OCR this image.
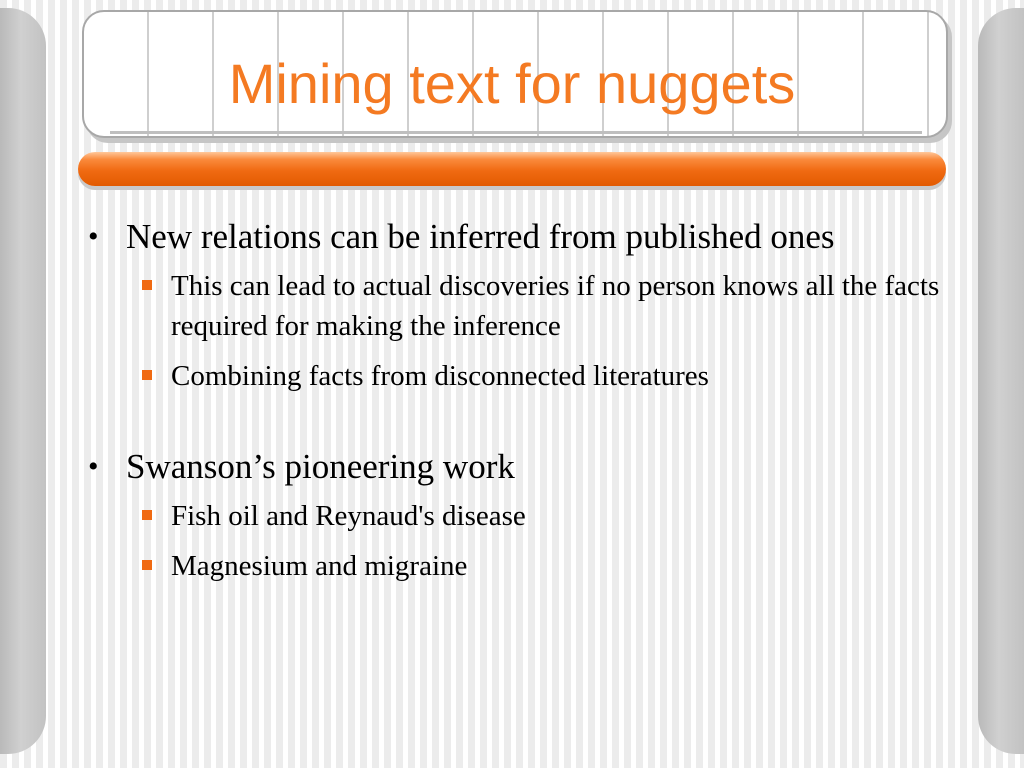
Mining text for nuggets
• New relations can be inferred from published ones
This can lead to actual discoveries if no person knows all the facts required for making the inference
Combining facts from disconnected literatures
• Swanson’s pioneering work
Fish oil and Reynaud's disease
Magnesium and migraine
